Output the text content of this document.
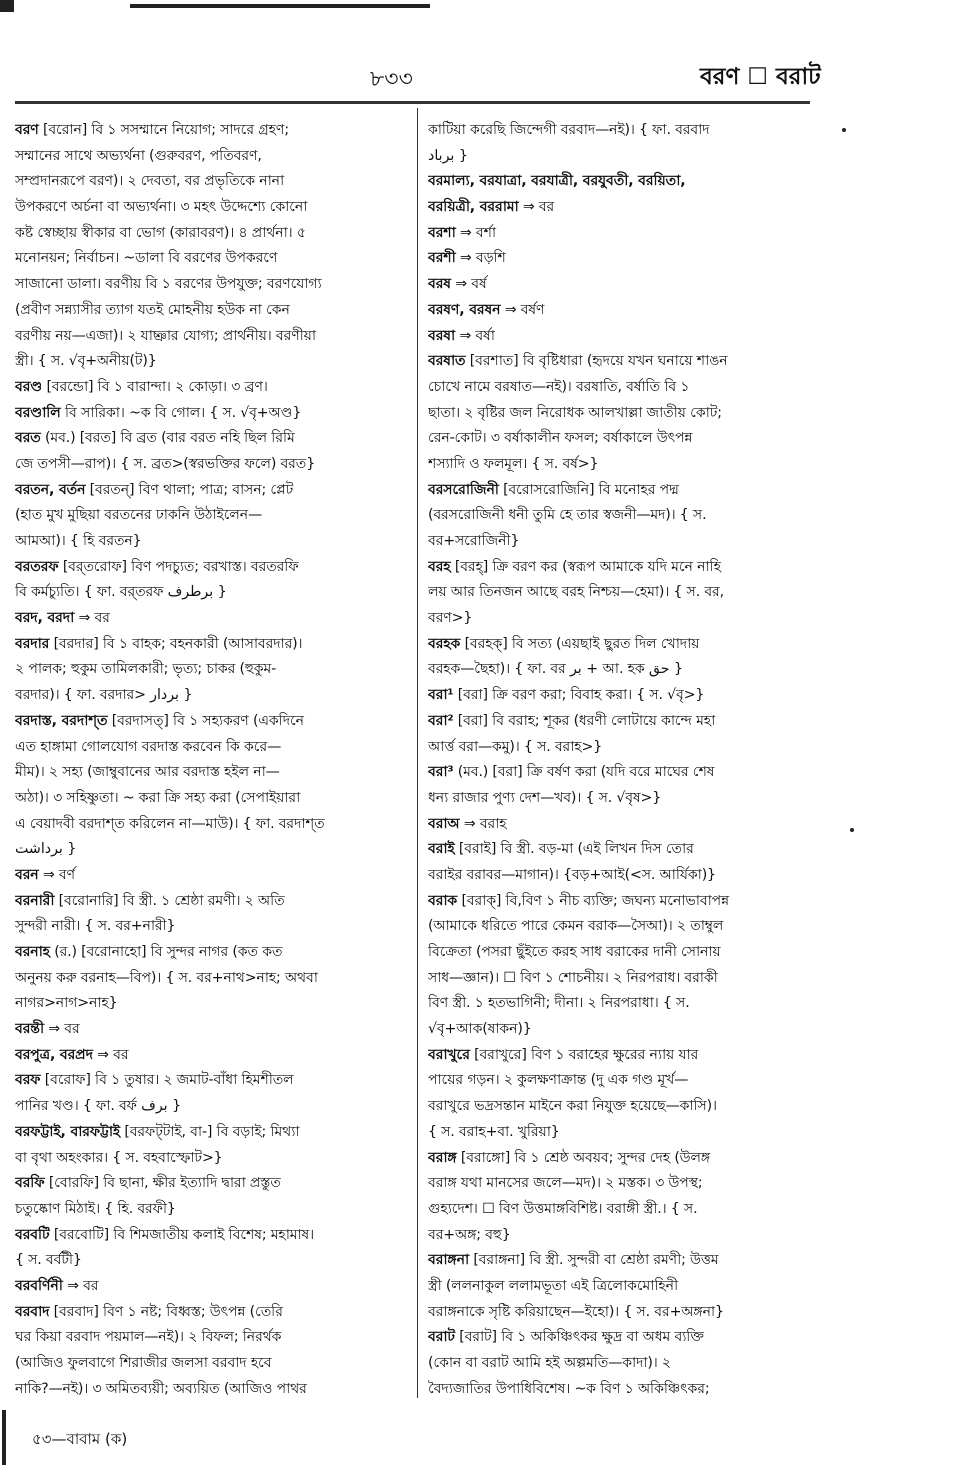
৮৩৩	বরণ ☐ বরাট
বরণ [বরোন] বি ১ সসম্মানে নিয়োগ; সাদরে গ্রহণ;
সম্মানের সাথে অভ্যর্থনা (গুরুবরণ, পতিবরণ,
সম্প্রদানরূপে বরণ)। ২ দেবতা, বর প্রভৃতিকে নানা
উপকরণে অর্চনা বা অভ্যর্থনা। ৩ মহৎ উদ্দেশ্যে কোনো
কষ্ট স্বেচ্ছায় স্বীকার বা ভোগ (কারাবরণ)। ৪ প্রার্থনা। ৫
মনোনয়ন; নির্বাচন। ~ডালা বি বরণের উপকরণে
সাজানো ডালা। বরণীয় বি ১ বরণের উপযুক্ত; বরণযোগ্য
(প্রবীণ সন্ন্যাসীর ত্যাগ যতই মোহনীয় হউক না কেন
বরণীয় নয়—এজা)। ২ যাচ্ঞার যোগ্য; প্রার্থনীয়। বরণীয়া
স্ত্রী। { স. √বৃ+অনীয়(ট)}
বরণ্ড [বরন্ডো] বি ১ বারান্দা। ২ কোড়া। ৩ ব্রণ।
বরণ্ডালি বি সারিকা। ~ক বি গোল। { স. √বৃ+অণ্ড}
বরত (মব.) [বরত] বি ব্রত (বার বরত নহি ছিল রিমি
জে তপসী—রাপ)। { স. ব্রত>(স্বরভক্তির ফলে) বরত}
বরতন, বর্তন [বরতন্] বিণ থালা; পাত্র; বাসন; প্লেট
(হাত মুখ মুছিয়া বরতনের ঢাকনি উঠাইলেন—
আমআ)। { হি বরতন}
বরতরফ [বর্‌তরোফ] বিণ পদচ্যুত; বরখাস্ত। বরতরফি
বি কর্মচ্যুতি। { ফা. বর্‌তরফ برطرف }
বরদ, বরদা ⇒ বর
বরদার [বরদার] বি ১ বাহক; বহনকারী (আসাবরদার)।
২ পালক; হুকুম তামিলকারী; ভৃত্য; চাকর (হুকুম-
বরদার)। { ফা. বরদার> بردار }
বরদাস্ত, বরদাশ্‌ত [বরদাসত্] বি ১ সহ্যকরণ (একদিনে
এত হাঙ্গামা গোলযোগ বরদাস্ত করবেন কি করে—
মীম)। ২ সহ্য (জাম্বুবানের আর বরদাস্ত হইল না—
অঠা)। ৩ সহিষ্ণুতা। ~ করা ক্রি সহ্য করা (সেপাইয়ারা
এ বেয়াদবী বরদাশ্‌ত করিলেন না—মাউ)। { ফা. বরদাশ্‌ত
برداشت }
বরন ⇒ বর্ণ
বরনারী [বরোনারি] বি স্ত্রী. ১ শ্রেষ্ঠা রমণী। ২ অতি
সুন্দরী নারী। { স. বর+নারী}
বরনাহ (র.) [বরোনাহো] বি সুন্দর নাগর (কত কত
অনুনয় করু বরনাহ—বিপ)। { স. বর+নাথ>নাহ; অথবা
নাগর>নাগ>নাহ}
বরন্তী ⇒ বর
বরপুত্র, বরপ্রদ ⇒ বর
বরফ [বরোফ] বি ১ তুষার। ২ জমাট-বাঁধা হিমশীতল
পানির খণ্ড। { ফা. বর্ফ برف }
বরফট্টাই, বারফট্টাই [বরফট্‌টাই, বা-] বি বড়াই; মিথ্যা
বা বৃথা অহংকার। { স. বহবাস্ফোট>}
বরফি [বোরফি] বি ছানা, ক্ষীর ইত্যাদি দ্বারা প্রস্তুত
চতুষ্কোণ মিঠাই। { হি. বরফী}
বরবটি [বরবোটি] বি শিমজাতীয় কলাই বিশেষ; মহামাষ।
{ স. বর্বটী}
বরবর্ণিনী ⇒ বর
বরবাদ [বরবাদ] বিণ ১ নষ্ট; বিধ্বস্ত; উৎপন্ন (তেরি
ঘর কিয়া বরবাদ পয়মাল—নই)। ২ বিফল; নিরর্থক
(আজিও ফুলবাগে শিরাজীর জলসা বরবাদ হবে
নাকি?—নই)। ৩ অমিতব্যয়ী; অব্যয়িত (আজিও পাথর
কাটিয়া করেছি জিন্দেগী বরবাদ—নই)। { ফা. বরবাদ
برباد }
বরমাল্য, বরযাত্রা, বরযাত্রী, বরযুবতী, বরয়িতা,
বরয়িত্রী, বররামা ⇒ বর
বরশা ⇒ বর্শা
বরশী ⇒ বড়শি
বরষ ⇒ বর্ষ
বরষণ, বরষন ⇒ বর্ষণ
বরষা ⇒ বর্ষা
বরষাত [বরশাত] বি বৃষ্টিধারা (হৃদয়ে যখন ঘনায়ে শাঙন
চোখে নামে বরষাত—নই)। বরষাতি, বর্ষাতি বি ১
ছাতা। ২ বৃষ্টির জল নিরোধক আলখাল্লা জাতীয় কোট;
রেন-কোট। ৩ বর্ষাকালীন ফসল; বর্ষাকালে উৎপন্ন
শস্যাদি ও ফলমূল। { স. বর্ষ>}
বরসরোজিনী [বরোসরোজিনি] বি মনোহর পদ্ম
(বরসরোজিনী ধনী তুমি হে তার স্বজনী—মদ)। { স.
বর+সরোজিনী}
বরহ [বরহ্] ক্রি বরণ কর (স্বরূপ আমাকে যদি মনে নাহি
লয় আর তিনজন আছে বরহ নিশ্চয়—হেমা)। { স. বর,
বরণ>}
বরহক [বরহক্] বি সত্য (এয়ছাই ছুরত দিল খোদায়
বরহক—ছৈহা)। { ফা. বর بر + আ. হক حق }
বরা¹ [বরা] ক্রি বরণ করা; বিবাহ করা। { স. √বৃ>}
বরা² [বরা] বি বরাহ; শূকর (ধরণী লোটায়ে কান্দে মহা
আর্ত্ত বরা—কমু)। { স. বরাহ>}
বরা³ (মব.) [বরা] ক্রি বর্ষণ করা (যদি বরে মাঘের শেষ
ধন্য রাজার পুণ্য দেশ—খব)। { স. √বৃষ>}
বরাঅ ⇒ বরাহ
বরাই [বরাই] বি স্ত্রী. বড়-মা (এই লিখন দিস তোর
বরাইর বরাবর—মাগান)। {বড়+আই(<স. আর্যিকা)}
বরাক [বরাক্] বি,বিণ ১ নীচ ব্যক্তি; জঘন্য মনোভাবাপন্ন
(আমাকে ধরিতে পারে কেমন বরাক—সৈআ)। ২ তাম্বুল
বিক্রেতা (পসরা ছুঁইতে করহ সাধ বরাকের দানী সোনায়
সাধ—জ্ঞান)। ☐ বিণ ১ শোচনীয়। ২ নিরপরাধ। বরাকী
বিণ স্ত্রী. ১ হতভাগিনী; দীনা। ২ নিরপরাধা। { স.
√বৃ+আক(ষাকন)}
বরাখুরে [বরাখুরে] বিণ ১ বরাহের ক্ষুরের ন্যায় যার
পায়ের গড়ন। ২ কুলক্ষণাক্রান্ত (দু এক গণ্ড মূর্খ—
বরাখুরে ভদ্রসন্তান মাইনে করা নিযুক্ত হয়েছে—কাসি)।
{ স. বরাহ+বা. খুরিয়া}
বরাঙ্গ [বরাঙ্গো] বি ১ শ্রেষ্ঠ অবয়ব; সুন্দর দেহ (উলঙ্গ
বরাঙ্গ যথা মানসের জলে—মদ)। ২ মস্তক। ৩ উপস্থ;
গুহ্যদেশ। ☐ বিণ উত্তমাঙ্গবিশিষ্ট। বরাঙ্গী স্ত্রী.। { স.
বর+অঙ্গ; বহু}
বরাঙ্গনা [বরাঙ্গনা] বি স্ত্রী. সুন্দরী বা শ্রেষ্ঠা রমণী; উত্তম
স্ত্রী (ললনাকুল ললামভূতা এই ত্রিলোকমোহিনী
বরাঙ্গনাকে সৃষ্টি করিয়াছেন—ইহো)। { স. বর+অঙ্গনা}
বরাট [বরাট] বি ১ অকিঞ্চিৎকর ক্ষুদ্র বা অধম ব্যক্তি
(কোন বা বরাট আমি হই অল্পমতি—কাদা)। ২
বৈদ্যজাতির উপাধিবিশেষ। ~ক বিণ ১ অকিঞ্চিৎকর;
৫৩—বাবাম (ক)
